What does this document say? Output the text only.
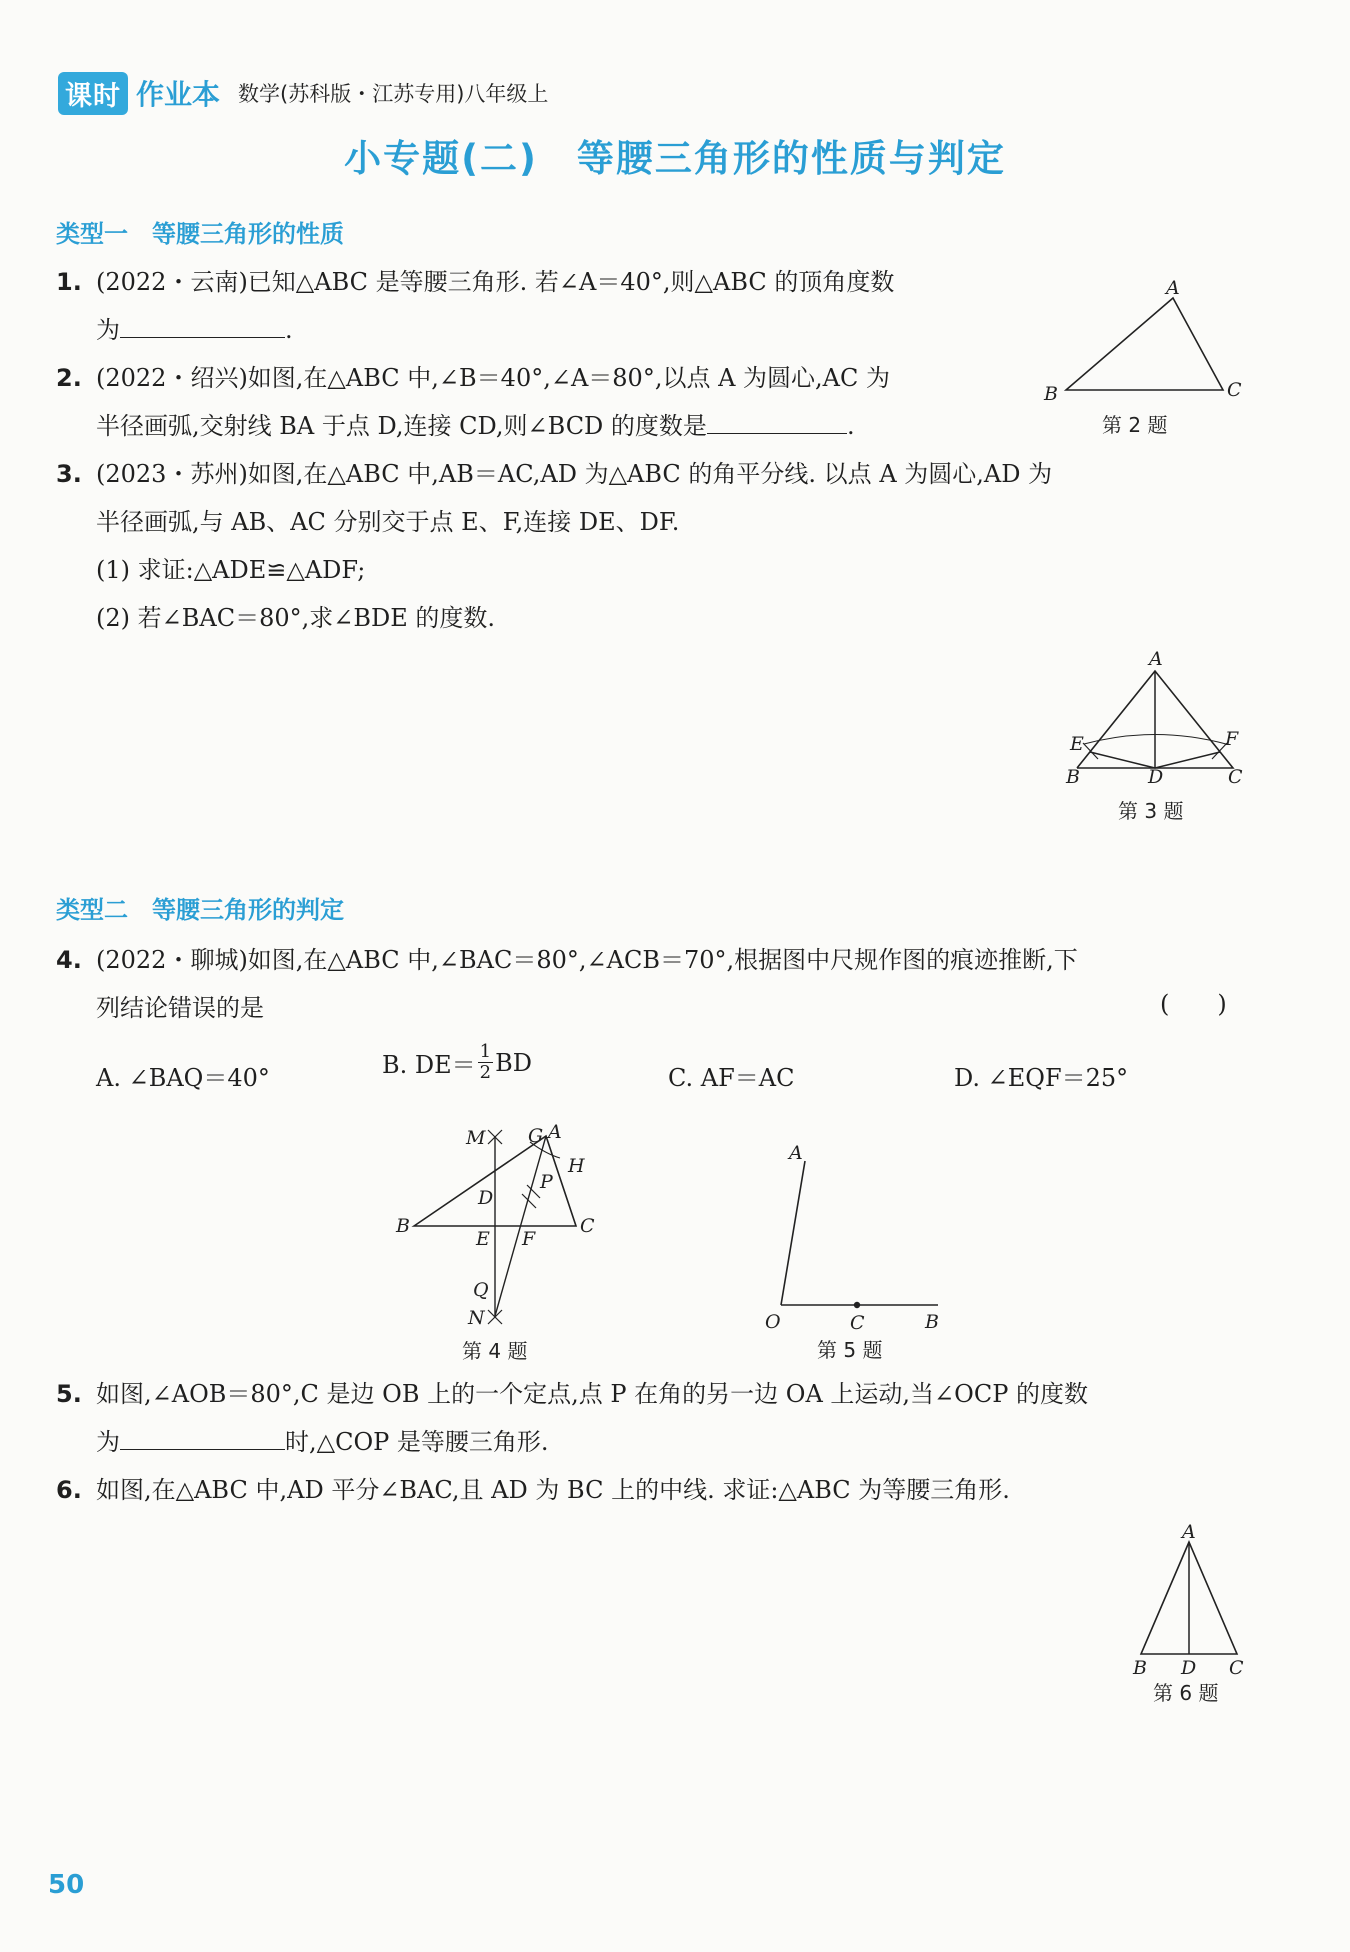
课时 作业本 数学(苏科版・江苏专用)八年级上
小专题(二)　等腰三角形的性质与判定
类型一　等腰三角形的性质
1. (2022・云南)已知△ABC 是等腰三角形. 若∠A＝40°,则△ABC 的顶角度数
为	.
2. (2022・绍兴)如图,在△ABC 中,∠B＝40°,∠A＝80°,以点 A 为圆心,AC 为
半径画弧,交射线 BA 于点 D,连接 CD,则∠BCD 的度数是	.
A
B	C
第 2 题
3. (2023・苏州)如图,在△ABC 中,AB＝AC,AD 为△ABC 的角平分线. 以点 A 为圆心,AD 为
半径画弧,与 AB、AC 分别交于点 E、F,连接 DE、DF.
(1) 求证:△ADE≌△ADF;
(2) 若∠BAC＝80°,求∠BDE 的度数.
A
E	F
B	D	C
第 3 题
类型二　等腰三角形的判定
4. (2022・聊城)如图,在△ABC 中,∠BAC＝80°,∠ACB＝70°,根据图中尺规作图的痕迹推断,下
列结论错误的是	(　　)
A. ∠BAQ＝40°	B. $DE= \frac{1}{2}$ BD
C. AF＝AC	D. ∠EQF＝25°
M G A
H
P
D
B	C
E F
Q
N
第 4 题
A
O	C	B
第 5 题
5. 如图,∠AOB＝80°,C 是边 OB 上的一个定点,点 P 在角的另一边 OA 上运动,当∠OCP 的度数
为	时,△COP 是等腰三角形.
6. 如图,在△ABC 中,AD 平分∠BAC,且 AD 为 BC 上的中线. 求证:△ABC 为等腰三角形.
A
B D C
第 6 题
50
